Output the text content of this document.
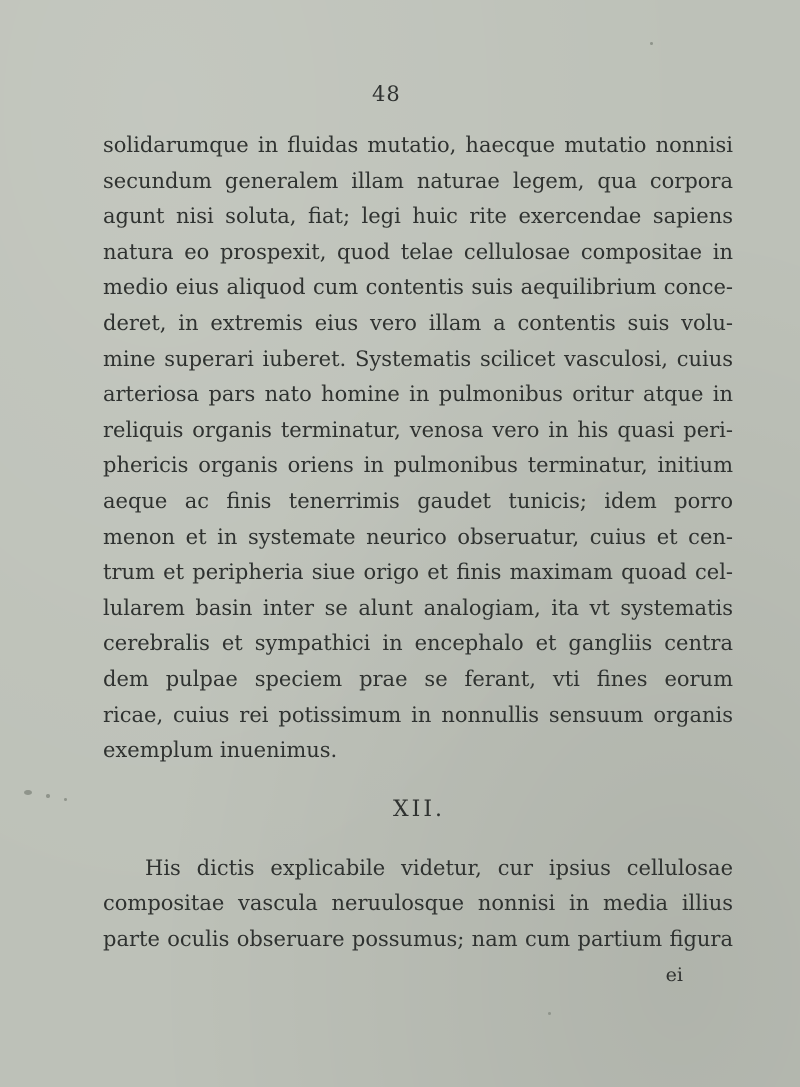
48
solidarumque in fluidas mutatio, haecque mutatio nonnisi
secundum generalem illam naturae legem, qua corpora
agunt nisi soluta, fiat; legi huic rite exercendae sapiens
natura eo prospexit, quod telae cellulosae compositae in
medio eius aliquod cum contentis suis aequilibrium conce-
deret, in extremis eius vero illam a contentis suis volu-
mine superari iuberet. Systematis scilicet vasculosi, cuius
arteriosa pars nato homine in pulmonibus oritur atque in
reliquis organis terminatur, venosa vero in his quasi peri-
phericis organis oriens in pulmonibus terminatur, initium
aeque ac finis tenerrimis gaudet tunicis; idem porro
menon et in systemate neurico obseruatur, cuius et cen-
trum et peripheria siue origo et finis maximam quoad cel-
lularem basin inter se alunt analogiam, ita vt systematis
cerebralis et sympathici in encephalo et gangliis centra
dem pulpae speciem prae se ferant, vti fines eorum
ricae, cuius rei potissimum in nonnullis sensuum organis
exemplum inuenimus.
XII.
His dictis explicabile videtur, cur ipsius cellulosae
compositae vascula neruulosque nonnisi in media illius
parte oculis obseruare possumus; nam cum partium figura
ei
